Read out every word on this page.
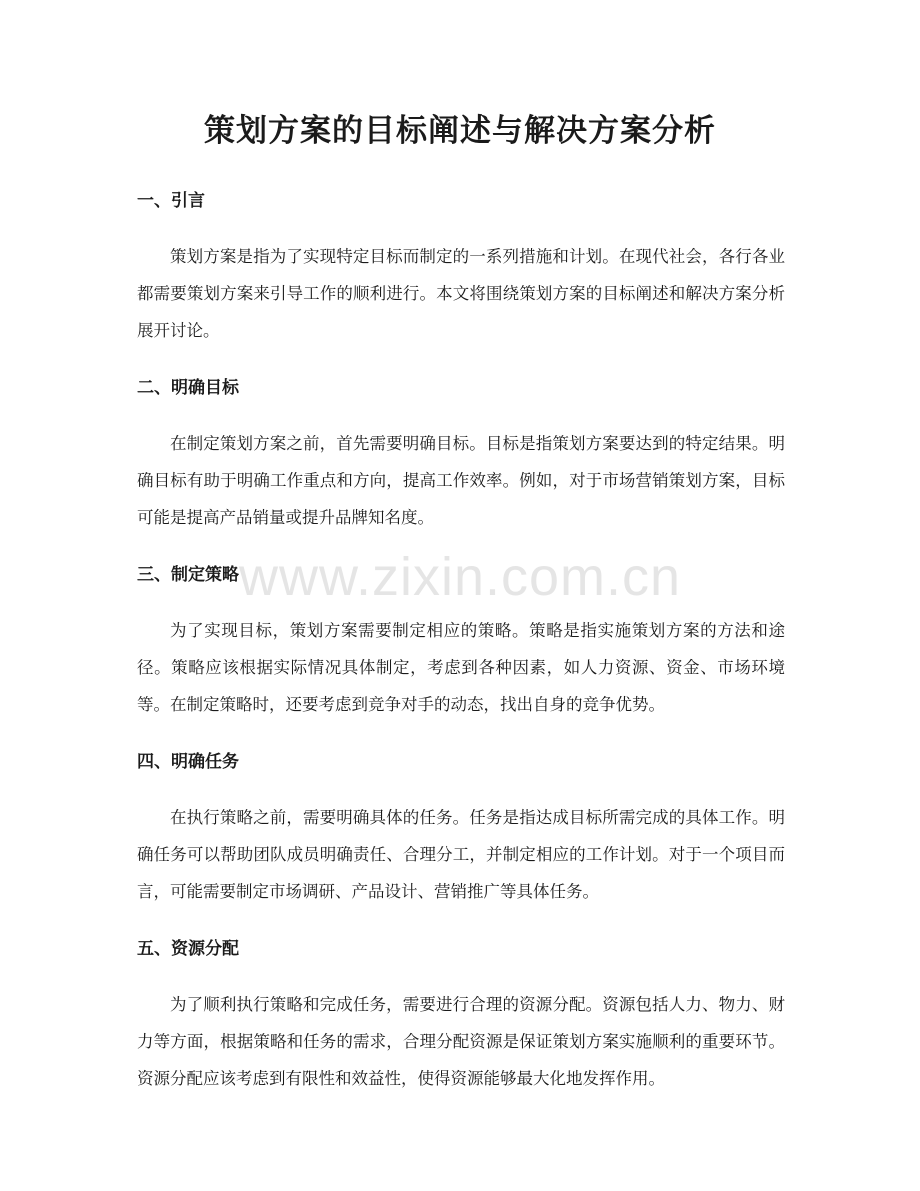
策划方案的目标阐述与解决方案分析
www.zixin.com.cn
一、引言

策划方案是指为了实现特定目标而制定的一系列措施和计划。在现代社会，各行各业都需要策划方案来引导工作的顺利进行。本文将围绕策划方案的目标阐述和解决方案分析展开讨论。

二、明确目标

在制定策划方案之前，首先需要明确目标。目标是指策划方案要达到的特定结果。明确目标有助于明确工作重点和方向，提高工作效率。例如，对于市场营销策划方案，目标可能是提高产品销量或提升品牌知名度。

三、制定策略

为了实现目标，策划方案需要制定相应的策略。策略是指实施策划方案的方法和途径。策略应该根据实际情况具体制定，考虑到各种因素，如人力资源、资金、市场环境等。在制定策略时，还要考虑到竞争对手的动态，找出自身的竞争优势。

四、明确任务

在执行策略之前，需要明确具体的任务。任务是指达成目标所需完成的具体工作。明确任务可以帮助团队成员明确责任、合理分工，并制定相应的工作计划。对于一个项目而言，可能需要制定市场调研、产品设计、营销推广等具体任务。

五、资源分配

为了顺利执行策略和完成任务，需要进行合理的资源分配。资源包括人力、物力、财力等方面，根据策略和任务的需求，合理分配资源是保证策划方案实施顺利的重要环节。资源分配应该考虑到有限性和效益性，使得资源能够最大化地发挥作用。
